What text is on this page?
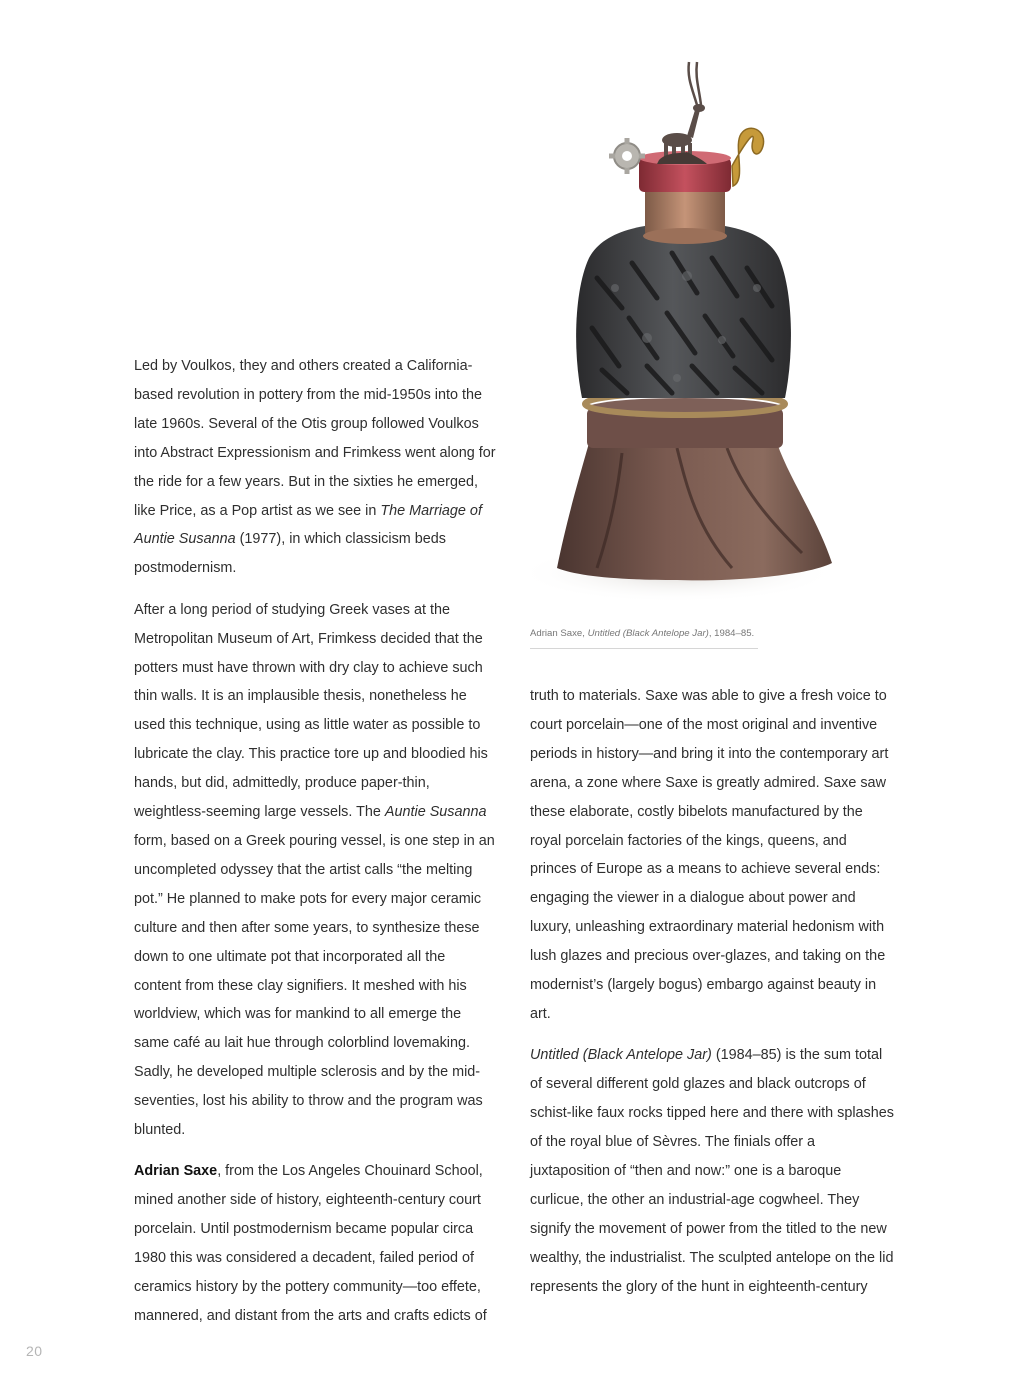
Led by Voulkos, they and others created a California-based revolution in pottery from the mid-1950s into the late 1960s. Several of the Otis group followed Voulkos into Abstract Expressionism and Frimkess went along for the ride for a few years. But in the sixties he emerged, like Price, as a Pop artist as we see in The Marriage of Auntie Susanna (1977), in which classicism beds postmodernism.

After a long period of studying Greek vases at the Metropolitan Museum of Art, Frimkess decided that the potters must have thrown with dry clay to achieve such thin walls. It is an implausible thesis, nonetheless he used this technique, using as little water as possible to lubricate the clay. This practice tore up and bloodied his hands, but did, admittedly, produce paper-thin, weightless-seeming large vessels. The Auntie Susanna form, based on a Greek pouring vessel, is one step in an uncompleted odyssey that the artist calls “the melting pot.” He planned to make pots for every major ceramic culture and then after some years, to synthesize these down to one ultimate pot that incorporated all the content from these clay signifiers. It meshed with his worldview, which was for mankind to all emerge the same café au lait hue through colorblind lovemaking. Sadly, he developed multiple sclerosis and by the mid-seventies, lost his ability to throw and the program was blunted.

Adrian Saxe, from the Los Angeles Chouinard School, mined another side of history, eighteenth-century court porcelain. Until postmodernism became popular circa 1980 this was considered a decadent, failed period of ceramics history by the pottery community—too effete, mannered, and distant from the arts and crafts edicts of

Adrian Saxe, Untitled (Black Antelope Jar), 1984–85.

truth to materials. Saxe was able to give a fresh voice to court porcelain—one of the most original and inventive periods in history—and bring it into the contemporary art arena, a zone where Saxe is greatly admired. Saxe saw these elaborate, costly bibelots manufactured by the royal porcelain factories of the kings, queens, and princes of Europe as a means to achieve several ends: engaging the viewer in a dialogue about power and luxury, unleashing extraordinary material hedonism with lush glazes and precious over-glazes, and taking on the modernist’s (largely bogus) embargo against beauty in art.

Untitled (Black Antelope Jar) (1984–85) is the sum total of several different gold glazes and black outcrops of schist-like faux rocks tipped here and there with splashes of the royal blue of Sèvres. The finials offer a juxtaposition of “then and now:” one is a baroque curlicue, the other an industrial-age cogwheel. They signify the movement of power from the titled to the new wealthy, the industrialist. The sculpted antelope on the lid represents the glory of the hunt in eighteenth-century

20
